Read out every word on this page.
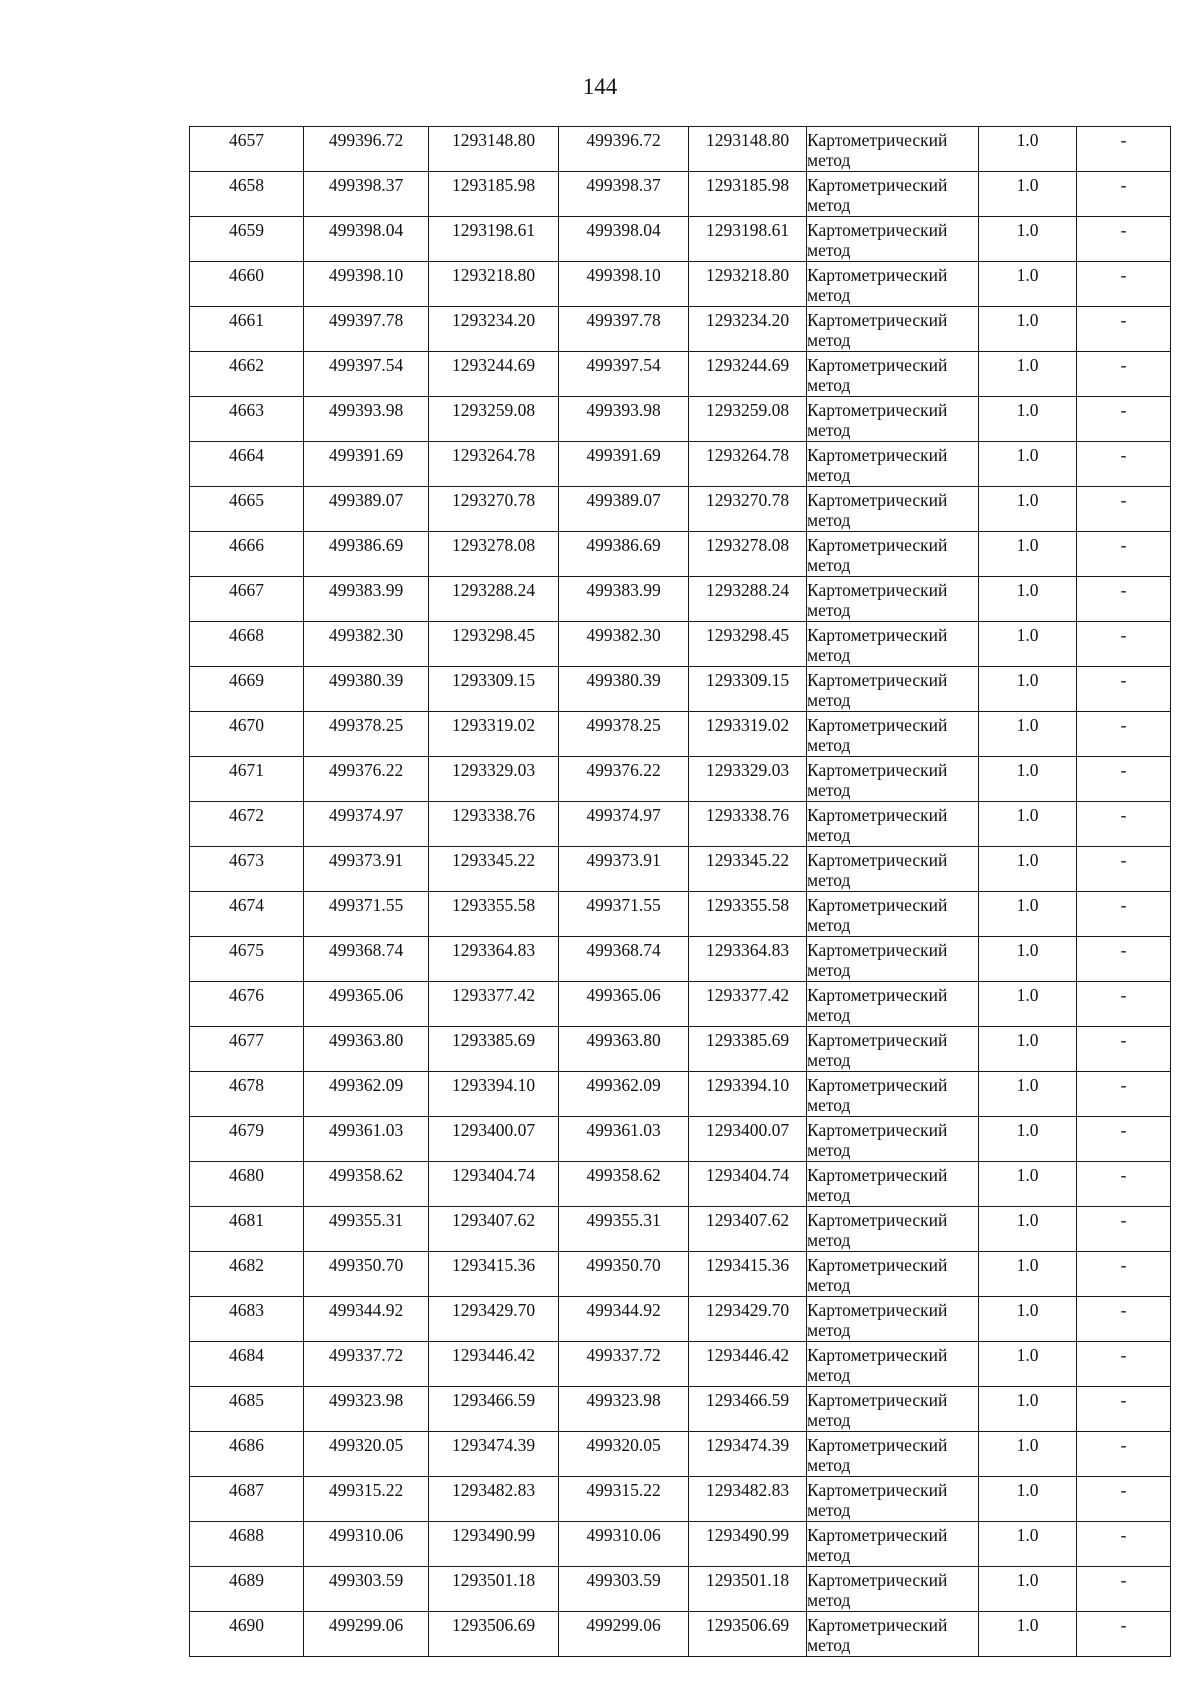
144
4657	499396.72	1293148.80	499396.72	1293148.80	Картометрический метод	1.0	-
4658	499398.37	1293185.98	499398.37	1293185.98	Картометрический метод	1.0	-
4659	499398.04	1293198.61	499398.04	1293198.61	Картометрический метод	1.0	-
4660	499398.10	1293218.80	499398.10	1293218.80	Картометрический метод	1.0	-
4661	499397.78	1293234.20	499397.78	1293234.20	Картометрический метод	1.0	-
4662	499397.54	1293244.69	499397.54	1293244.69	Картометрический метод	1.0	-
4663	499393.98	1293259.08	499393.98	1293259.08	Картометрический метод	1.0	-
4664	499391.69	1293264.78	499391.69	1293264.78	Картометрический метод	1.0	-
4665	499389.07	1293270.78	499389.07	1293270.78	Картометрический метод	1.0	-
4666	499386.69	1293278.08	499386.69	1293278.08	Картометрический метод	1.0	-
4667	499383.99	1293288.24	499383.99	1293288.24	Картометрический метод	1.0	-
4668	499382.30	1293298.45	499382.30	1293298.45	Картометрический метод	1.0	-
4669	499380.39	1293309.15	499380.39	1293309.15	Картометрический метод	1.0	-
4670	499378.25	1293319.02	499378.25	1293319.02	Картометрический метод	1.0	-
4671	499376.22	1293329.03	499376.22	1293329.03	Картометрический метод	1.0	-
4672	499374.97	1293338.76	499374.97	1293338.76	Картометрический метод	1.0	-
4673	499373.91	1293345.22	499373.91	1293345.22	Картометрический метод	1.0	-
4674	499371.55	1293355.58	499371.55	1293355.58	Картометрический метод	1.0	-
4675	499368.74	1293364.83	499368.74	1293364.83	Картометрический метод	1.0	-
4676	499365.06	1293377.42	499365.06	1293377.42	Картометрический метод	1.0	-
4677	499363.80	1293385.69	499363.80	1293385.69	Картометрический метод	1.0	-
4678	499362.09	1293394.10	499362.09	1293394.10	Картометрический метод	1.0	-
4679	499361.03	1293400.07	499361.03	1293400.07	Картометрический метод	1.0	-
4680	499358.62	1293404.74	499358.62	1293404.74	Картометрический метод	1.0	-
4681	499355.31	1293407.62	499355.31	1293407.62	Картометрический метод	1.0	-
4682	499350.70	1293415.36	499350.70	1293415.36	Картометрический метод	1.0	-
4683	499344.92	1293429.70	499344.92	1293429.70	Картометрический метод	1.0	-
4684	499337.72	1293446.42	499337.72	1293446.42	Картометрический метод	1.0	-
4685	499323.98	1293466.59	499323.98	1293466.59	Картометрический метод	1.0	-
4686	499320.05	1293474.39	499320.05	1293474.39	Картометрический метод	1.0	-
4687	499315.22	1293482.83	499315.22	1293482.83	Картометрический метод	1.0	-
4688	499310.06	1293490.99	499310.06	1293490.99	Картометрический метод	1.0	-
4689	499303.59	1293501.18	499303.59	1293501.18	Картометрический метод	1.0	-
4690	499299.06	1293506.69	499299.06	1293506.69	Картометрический метод	1.0	-
